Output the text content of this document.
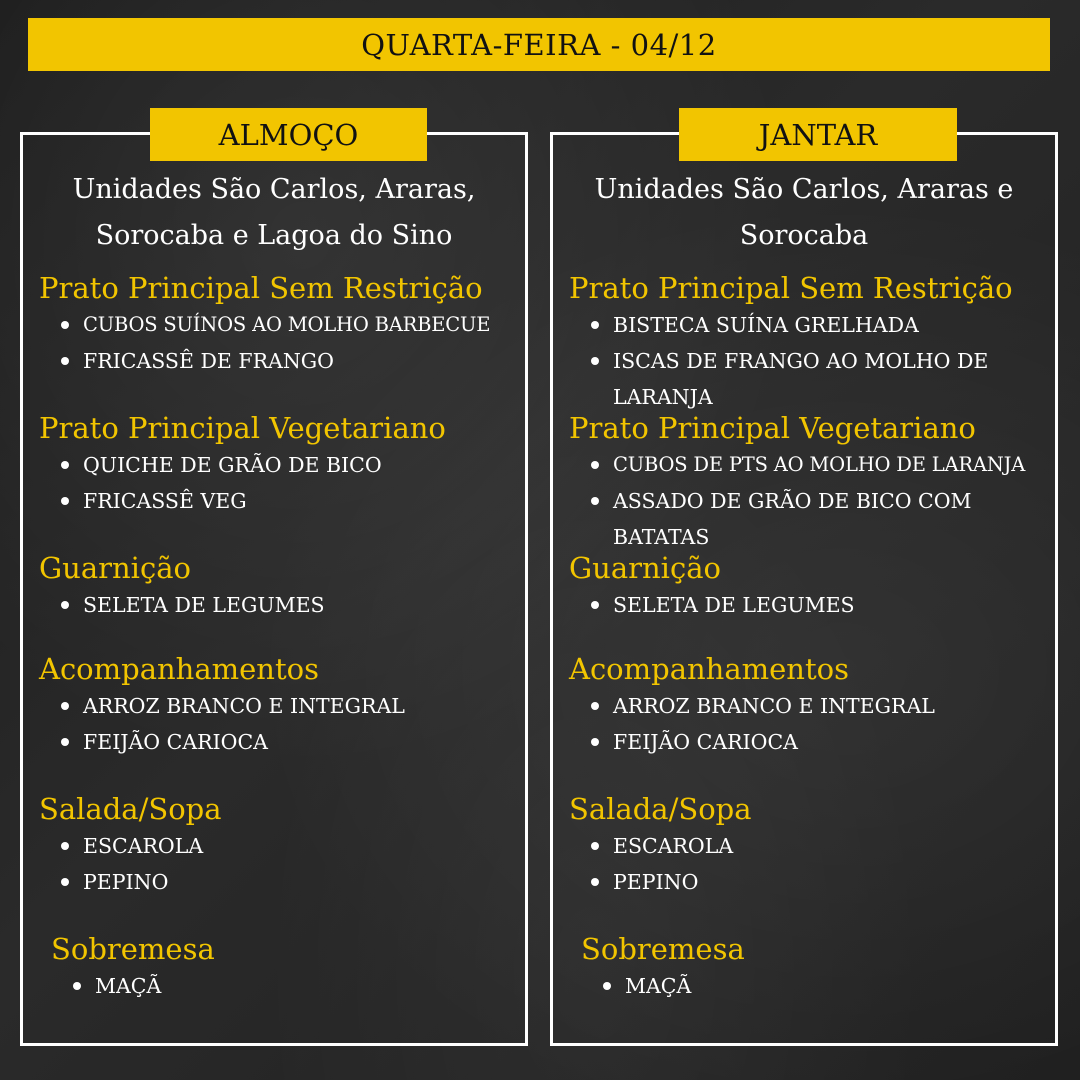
QUARTA-FEIRA - 04/12
ALMOÇO
Unidades São Carlos, Araras,
Sorocaba e Lagoa do Sino
Prato Principal Sem Restrição
CUBOS SUÍNOS AO MOLHO BARBECUE
FRICASSÊ DE FRANGO
Prato Principal Vegetariano
QUICHE DE GRÃO DE BICO
FRICASSÊ VEG
Guarnição
SELETA DE LEGUMES
Acompanhamentos
ARROZ BRANCO E INTEGRAL
FEIJÃO CARIOCA
Salada/Sopa
ESCAROLA
PEPINO
Sobremesa
MAÇÃ
JANTAR
Unidades São Carlos, Araras e
Sorocaba
Prato Principal Sem Restrição
BISTECA SUÍNA GRELHADA
ISCAS DE FRANGO AO MOLHO DE LARANJA
Prato Principal Vegetariano
CUBOS DE PTS AO MOLHO DE LARANJA
ASSADO DE GRÃO DE BICO COM BATATAS
Guarnição
SELETA DE LEGUMES
Acompanhamentos
ARROZ BRANCO E INTEGRAL
FEIJÃO CARIOCA
Salada/Sopa
ESCAROLA
PEPINO
Sobremesa
MAÇÃ
